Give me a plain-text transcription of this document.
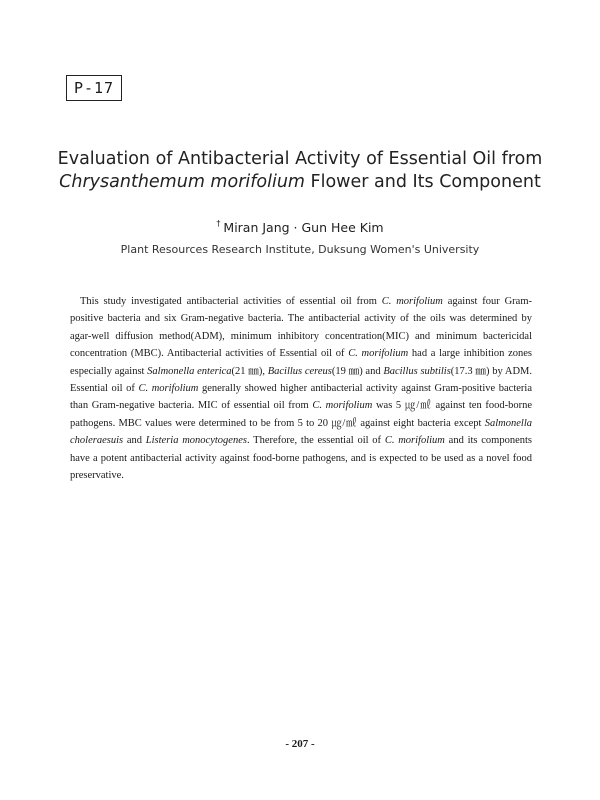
P-17
Evaluation of Antibacterial Activity of Essential Oil from
Chrysanthemum morifolium Flower and Its Component
† Miran Jang · Gun Hee Kim
Plant Resources Research Institute, Duksung Women's University
This study investigated antibacterial activities of essential oil from C. morifolium against four Gram-positive bacteria and six Gram-negative bacteria. The antibacterial activity of the oils was determined by agar-well diffusion method(ADM), minimum inhibitory concentration(MIC) and minimum bactericidal concentration (MBC). Antibacterial activities of Essential oil of C. morifolium had a large inhibition zones especially against Salmonella enterica(21 ㎜), Bacillus cereus(19 ㎜) and Bacillus subtilis(17.3 ㎜) by ADM. Essential oil of C. morifolium generally showed higher antibacterial activity against Gram-positive bacteria than Gram-negative bacteria. MIC of essential oil from C. morifolium was 5 ㎍/㎖ against ten food-borne pathogens. MBC values were determined to be from 5 to 20 ㎍/㎖ against eight bacteria except Salmonella choleraesuis and Listeria monocytogenes. Therefore, the essential oil of C. morifolium and its components have a potent antibacterial activity against food-borne pathogens, and is expected to be used as a novel food preservative.
- 207 -
